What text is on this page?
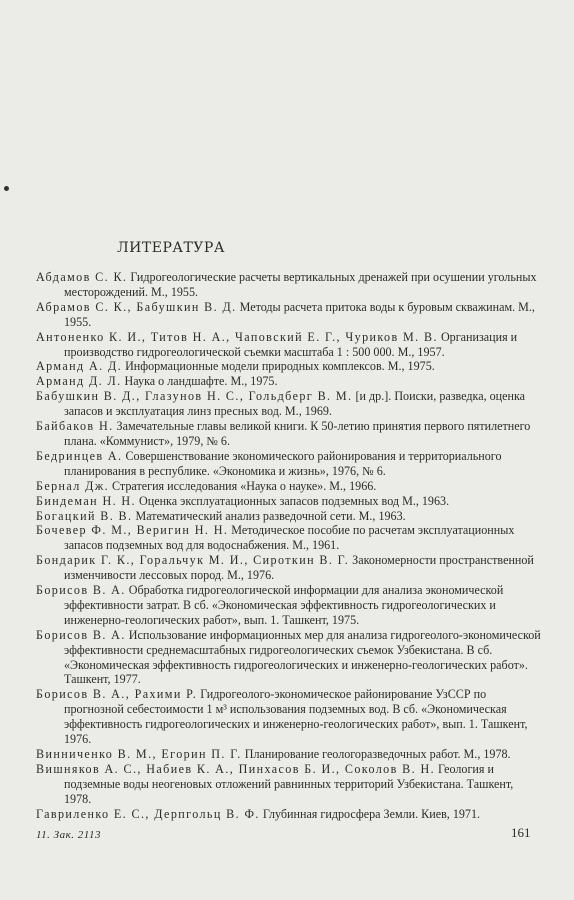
ЛИТЕРАТУРА

Абдамов С. К. Гидрогеологические расчеты вертикальных дренажей при осушении угольных месторождений. М., 1955.

Абрамов С. К., Бабушкин В. Д. Методы расчета притока воды к буровым скважинам. М., 1955.

Антоненко К. И., Титов Н. А., Чаповский Е. Г., Чуриков М. В. Организация и производство гидрогеологической съемки масштаба 1 : 500 000. М., 1957.

Арманд А. Д. Информационные модели природных комплексов. М., 1975.

Арманд Д. Л. Наука о ландшафте. М., 1975.

Бабушкин В. Д., Глазунов Н. С., Гольдберг В. М. [и др.]. Поиски, разведка, оценка запасов и эксплуатация линз пресных вод. М., 1969.

Байбаков Н. Замечательные главы великой книги. К 50-летию принятия первого пятилетнего плана. «Коммунист», 1979, № 6.

Бедринцев А. Совершенствование экономического районирования и территориального планирования в республике. «Экономика и жизнь», 1976, № 6.

Бернал Дж. Стратегия исследования «Наука о науке». М., 1966.

Биндеман Н. Н. Оценка эксплуатационных запасов подземных вод М., 1963.

Богацкий В. В. Математический анализ разведочной сети. М., 1963.

Бочевер Ф. М., Веригин Н. Н. Методическое пособие по расчетам эксплуатационных запасов подземных вод для водоснабжения. М., 1961.

Бондарик Г. К., Горальчук М. И., Сироткин В. Г. Закономерности пространственной изменчивости лессовых пород. М., 1976.

Борисов В. А. Обработка гидрогеологической информации для анализа экономической эффективности затрат. В сб. «Экономическая эффективность гидрогеологических и инженерно-геологических работ», вып. 1. Ташкент, 1975.

Борисов В. А. Использование информационных мер для анализа гидрогеолого-экономической эффективности среднемасштабных гидрогеологических съемок Узбекистана. В сб. «Экономическая эффективность гидрогеологических и инженерно-геологических работ». Ташкент, 1977.

Борисов В. А., Рахими Р. Гидрогеолого-экономическое районирование УзССР по прогнозной себестоимости 1 м³ использования подземных вод. В сб. «Экономическая эффективность гидрогеологических и инженерно-геологических работ», вып. 1. Ташкент, 1976.

Винниченко В. М., Егорин П. Г. Планирование геологоразведочных работ. М., 1978.

Вишняков А. С., Набиев К. А., Пинхасов Б. И., Соколов В. Н. Геология и подземные воды неогеновых отложений равнинных территорий Узбекистана. Ташкент, 1978.

Гавриленко Е. С., Дерпгольц В. Ф. Глубинная гидросфера Земли. Киев, 1971.

11. Зак. 2113	161
